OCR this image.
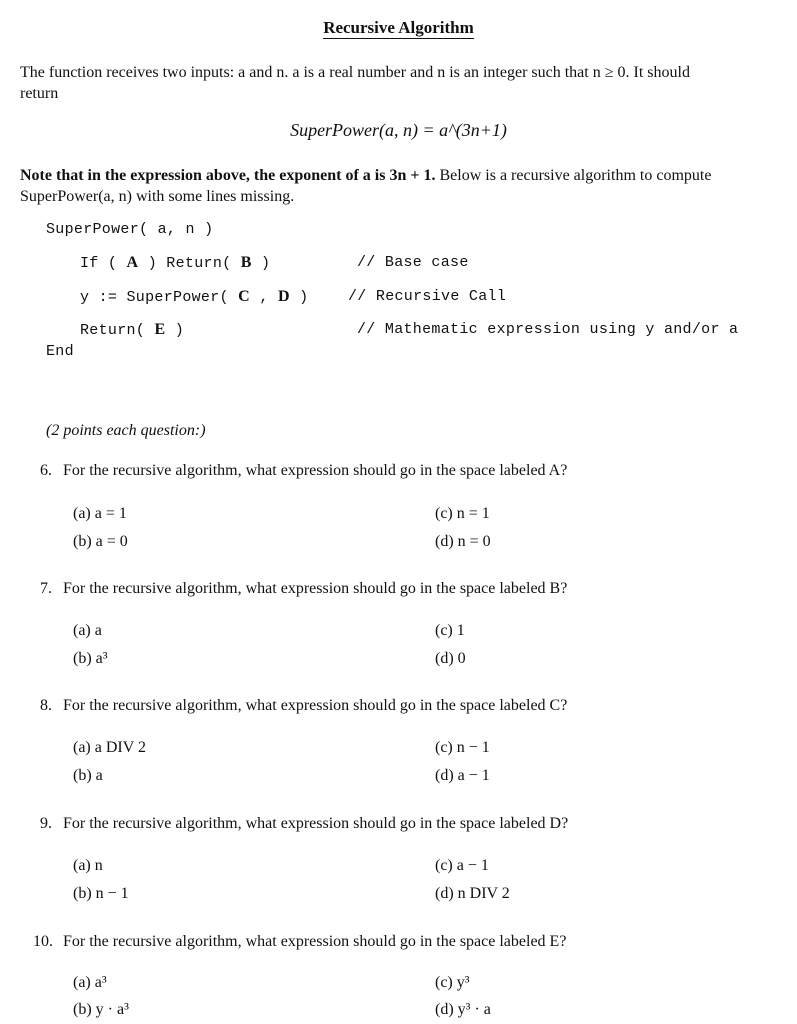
Recursive Algorithm
The function receives two inputs: a and n. a is a real number and n is an integer such that n ≥ 0. It should
return
SuperPower(a, n) = a^(3n+1)
Note that in the expression above, the exponent of a is 3n + 1. Below is a recursive algorithm to compute
SuperPower(a, n) with some lines missing.
SuperPower( a, n )
If ( A ) Return( B )	// Base case
y := SuperPower( C , D )	// Recursive Call
Return( E )	// Mathematic expression using y and/or a
End
(2 points each question:)
6. For the recursive algorithm, what expression should go in the space labeled A?
(a) a = 1
(b) a = 0
(c) n = 1
(d) n = 0
7. For the recursive algorithm, what expression should go in the space labeled B?
(a) a
(b) a³
(c) 1
(d) 0
8. For the recursive algorithm, what expression should go in the space labeled C?
(a) a DIV 2
(b) a
(c) n − 1
(d) a − 1
9. For the recursive algorithm, what expression should go in the space labeled D?
(a) n
(b) n − 1
(c) a − 1
(d) n DIV 2
10. For the recursive algorithm, what expression should go in the space labeled E?
(a) a³
(b) y · a³
(c) y³
(d) y³ · a
